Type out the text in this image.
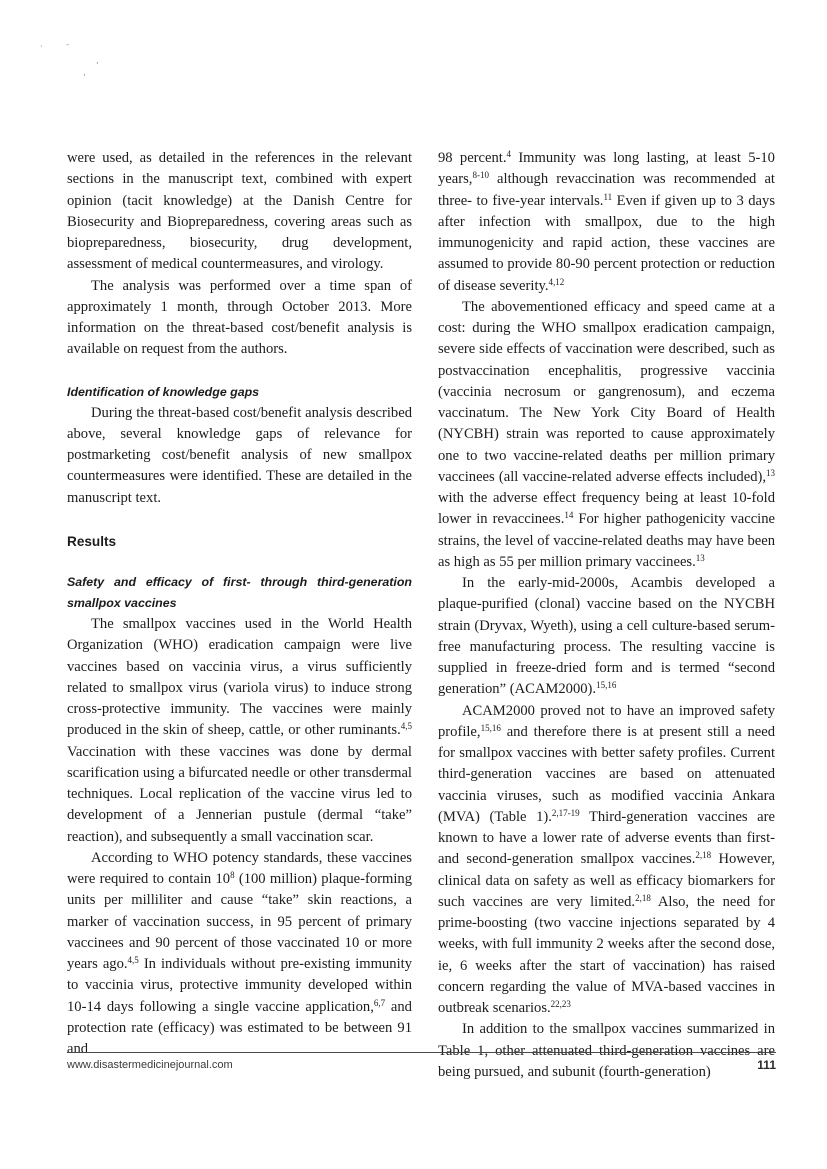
·	-
,
,

were used, as detailed in the references in the relevant sections in the manuscript text, combined with expert opinion (tacit knowledge) at the Danish Centre for Biosecurity and Biopreparedness, covering areas such as biopreparedness, biosecurity, drug development, assessment of medical countermeasures, and virology.

The analysis was performed over a time span of approximately 1 month, through October 2013. More information on the threat-based cost/benefit analysis is available on request from the authors.

Identification of knowledge gaps

During the threat-based cost/benefit analysis described above, several knowledge gaps of relevance for postmarketing cost/benefit analysis of new smallpox countermeasures were identified. These are detailed in the manuscript text.

Results

Safety and efficacy of first- through third-generation smallpox vaccines

The smallpox vaccines used in the World Health Organization (WHO) eradication campaign were live vaccines based on vaccinia virus, a virus sufficiently related to smallpox virus (variola virus) to induce strong cross-protective immunity. The vaccines were mainly produced in the skin of sheep, cattle, or other ruminants.$^{4,5}$ Vaccination with these vaccines was done by dermal scarification using a bifurcated needle or other transdermal techniques. Local replication of the vaccine virus led to development of a Jennerian pustule (dermal “take” reaction), and subsequently a small vaccination scar.

According to WHO potency standards, these vaccines were required to contain $10^8$ (100 million) plaque-forming units per milliliter and cause “take” skin reactions, a marker of vaccination success, in 95 percent of primary vaccinees and 90 percent of those vaccinated 10 or more years ago.$^{4,5}$ In individuals without pre-existing immunity to vaccinia virus, protective immunity developed within 10-14 days following a single vaccine application,$^{6,7}$ and protection rate (efficacy) was estimated to be between 91 and

98 percent.$^4$ Immunity was long lasting, at least 5-10 years,$^{8-10}$ although revaccination was recommended at three- to five-year intervals.$^{11}$ Even if given up to 3 days after infection with smallpox, due to the high immunogenicity and rapid action, these vaccines are assumed to provide 80-90 percent protection or reduction of disease severity.$^{4,12}$

The abovementioned efficacy and speed came at a cost: during the WHO smallpox eradication campaign, severe side effects of vaccination were described, such as postvaccination encephalitis, progressive vaccinia (vaccinia necrosum or gangrenosum), and eczema vaccinatum. The New York City Board of Health (NYCBH) strain was reported to cause approximately one to two vaccine-related deaths per million primary vaccinees (all vaccine-related adverse effects included),$^{13}$ with the adverse effect frequency being at least 10-fold lower in revaccinees.$^{14}$ For higher pathogenicity vaccine strains, the level of vaccine-related deaths may have been as high as 55 per million primary vaccinees.$^{13}$

In the early-mid-2000s, Acambis developed a plaque-purified (clonal) vaccine based on the NYCBH strain (Dryvax, Wyeth), using a cell culture-based serum-free manufacturing process. The resulting vaccine is supplied in freeze-dried form and is termed “second generation” (ACAM2000).$^{15,16}$

ACAM2000 proved not to have an improved safety profile,$^{15,16}$ and therefore there is at present still a need for smallpox vaccines with better safety profiles. Current third-generation vaccines are based on attenuated vaccinia viruses, such as modified vaccinia Ankara (MVA) (Table 1).$^{2,17-19}$ Third-generation vaccines are known to have a lower rate of adverse events than first- and second-generation smallpox vaccines.$^{2,18}$ However, clinical data on safety as well as efficacy biomarkers for such vaccines are very limited.$^{2,18}$ Also, the need for prime-boosting (two vaccine injections separated by 4 weeks, with full immunity 2 weeks after the second dose, ie, 6 weeks after the start of vaccination) has raised concern regarding the value of MVA-based vaccines in outbreak scenarios.$^{22,23}$

In addition to the smallpox vaccines summarized in Table 1, other attenuated third-generation vaccines are being pursued, and subunit (fourth-generation)

www.disastermedicinejournal.com	111
